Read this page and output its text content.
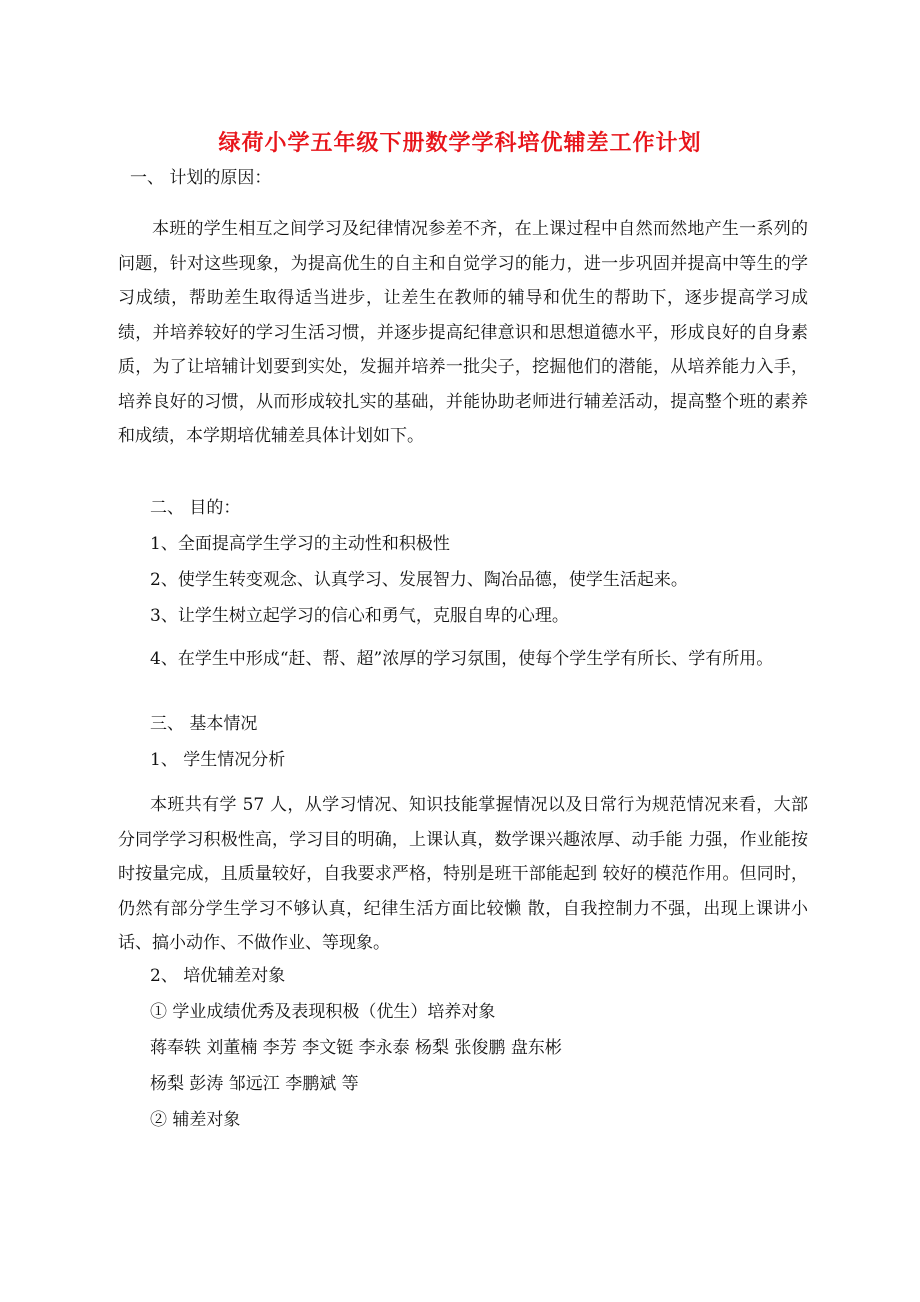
绿荷小学五年级下册数学学科培优辅差工作计划
一、 计划的原因：
本班的学生相互之间学习及纪律情况参差不齐，在上课过程中自然而然地产生一系列的问题，针对这些现象，为提高优生的自主和自觉学习的能力，进一步巩固并提高中等生的学习成绩，帮助差生取得适当进步，让差生在教师的辅导和优生的帮助下，逐步提高学习成绩，并培养较好的学习生活习惯，并逐步提高纪律意识和思想道德水平，形成良好的自身素质，为了让培辅计划要到实处，发掘并培养一批尖子，挖掘他们的潜能，从培养能力入手，培养良好的习惯，从而形成较扎实的基础，并能协助老师进行辅差活动，提高整个班的素养和成绩，本学期培优辅差具体计划如下。
二、 目的：
1、全面提高学生学习的主动性和积极性
2、使学生转变观念、认真学习、发展智力、陶冶品德，使学生活起来。
3、让学生树立起学习的信心和勇气，克服自卑的心理。
4、在学生中形成“赶、帮、超”浓厚的学习氛围，使每个学生学有所长、学有所用。
三、 基本情况
1、 学生情况分析
本班共有学 57 人，从学习情况、知识技能掌握情况以及日常行为规范情况来看，大部分同学学习积极性高，学习目的明确，上课认真，数学课兴趣浓厚、动手能 力强，作业能按时按量完成，且质量较好，自我要求严格，特别是班干部能起到 较好的模范作用。但同时，仍然有部分学生学习不够认真，纪律生活方面比较懒 散，自我控制力不强，出现上课讲小话、搞小动作、不做作业、等现象。
2、 培优辅差对象
① 学业成绩优秀及表现积极（优生）培养对象
蒋奉轶 刘董楠 李芳 李文铤 李永泰 杨梨 张俊鹏 盘东彬
杨梨 彭涛 邹远江 李鹏斌 等
② 辅差对象
